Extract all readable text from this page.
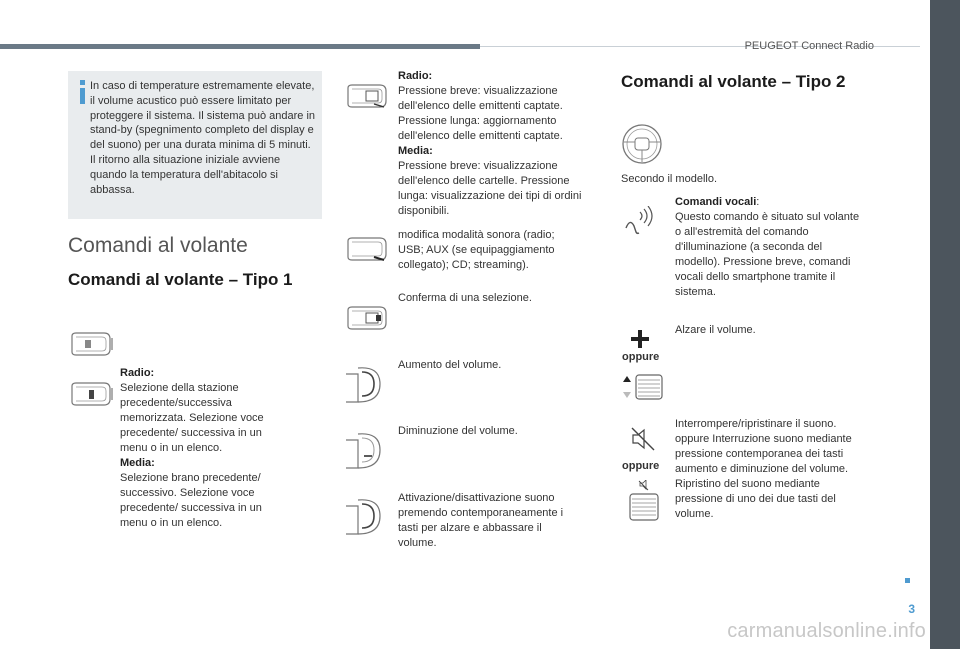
PEUGEOT Connect Radio
3
carmanualsonline.info

In caso di temperature estremamente elevate, il volume acustico può essere limitato per proteggere il sistema. Il sistema può andare in stand-by (spegnimento completo del display e del suono) per una durata minima di 5 minuti. Il ritorno alla situazione iniziale avviene quando la temperatura dell'abitacolo si abbassa.

Comandi al volante
Comandi al volante – Tipo 1
Radio:
Selezione della stazione precedente/successiva memorizzata. Selezione voce precedente/ successiva in un menu o in un elenco.
Media:
Selezione brano precedente/ successivo. Selezione voce precedente/ successiva in un menu o in un elenco.
Radio:
Pressione breve: visualizzazione dell'elenco delle emittenti captate. Pressione lunga: aggiornamento dell'elenco delle emittenti captate.
Media:
Pressione breve: visualizzazione dell'elenco delle cartelle. Pressione lunga: visualizzazione dei tipi di ordini disponibili.
modifica modalità sonora (radio; USB; AUX (se equipaggiamento collegato); CD; streaming).
Conferma di una selezione.
Aumento del volume.
Diminuzione del volume.
Attivazione/disattivazione suono premendo contemporaneamente i tasti per alzare e abbassare il volume.
Comandi al volante – Tipo 2
Secondo il modello.
Comandi vocali:
Questo comando è situato sul volante o all'estremità del comando d'illuminazione (a seconda del modello). Pressione breve, comandi vocali dello smartphone tramite il sistema.
oppure
Alzare il volume.
oppure
Interrompere/ripristinare il suono. oppure Interruzione suono mediante pressione contemporanea dei tasti aumento e diminuzione del volume. Ripristino del suono mediante pressione di uno dei due tasti del volume.
